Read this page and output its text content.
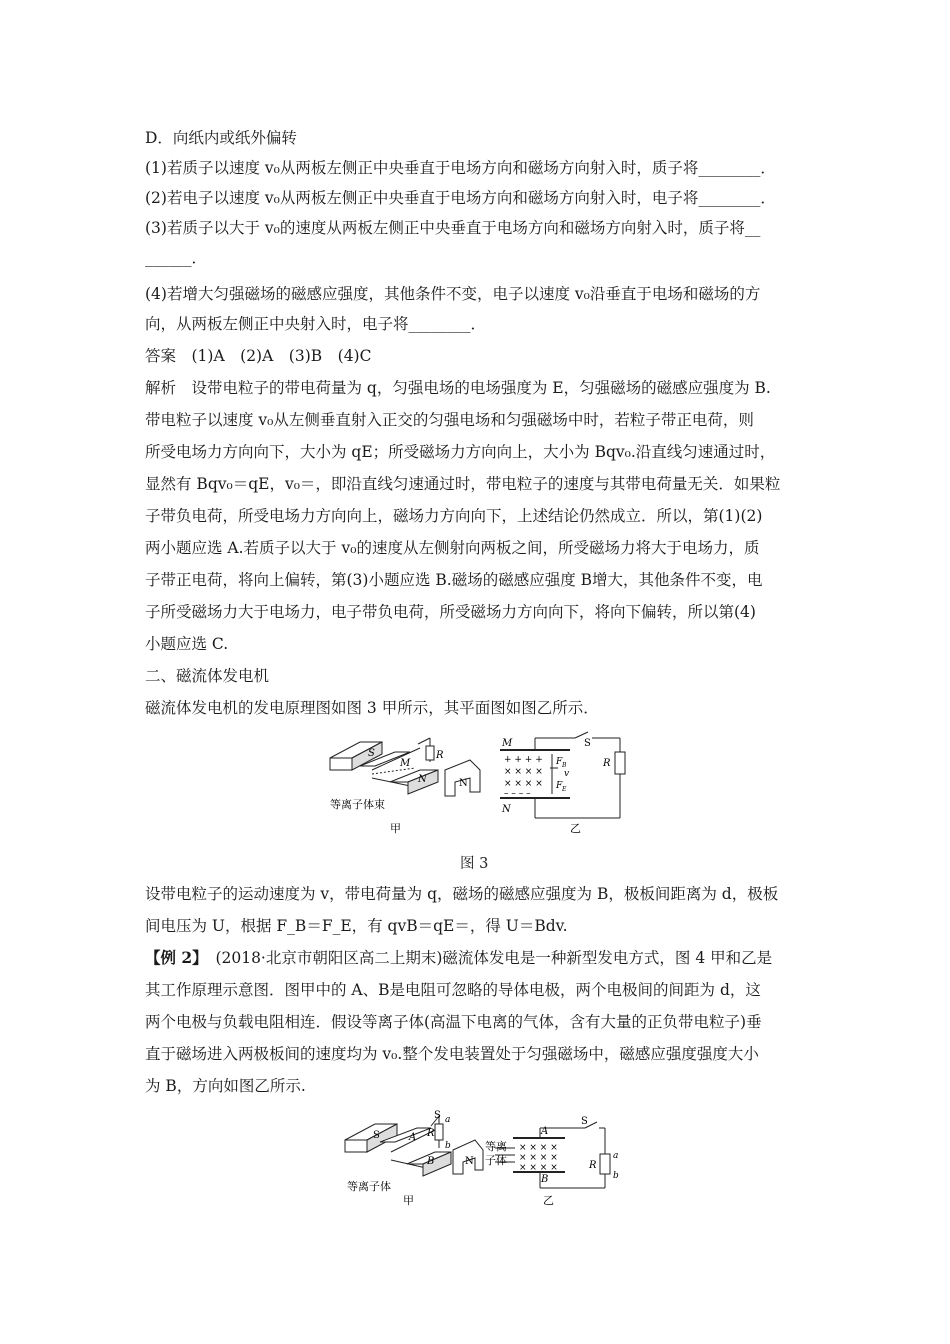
D．向纸内或纸外偏转
(1)若质子以速度 v₀从两板左侧正中央垂直于电场方向和磁场方向射入时，质子将________．
(2)若电子以速度 v₀从两板左侧正中央垂直于电场方向和磁场方向射入时，电子将________．
(3)若质子以大于 v₀的速度从两板左侧正中央垂直于电场方向和磁场方向射入时，质子将__
______．
(4)若增大匀强磁场的磁感应强度，其他条件不变，电子以速度 v₀沿垂直于电场和磁场的方
向，从两板左侧正中央射入时，电子将________．
答案　(1)A　(2)A　(3)B　(4)C
解析　设带电粒子的带电荷量为 q，匀强电场的电场强度为 E，匀强磁场的磁感应强度为 B.
带电粒子以速度 v₀从左侧垂直射入正交的匀强电场和匀强磁场中时，若粒子带正电荷，则
所受电场力方向向下，大小为 qE；所受磁场力方向向上，大小为 Bqv₀.沿直线匀速通过时，
显然有 Bqv₀＝qE，v₀＝，即沿直线匀速通过时，带电粒子的速度与其带电荷量无关．如果粒
子带负电荷，所受电场力方向向上，磁场力方向向下，上述结论仍然成立．所以，第(1)(2)
两小题应选 A.若质子以大于 v₀的速度从左侧射向两板之间，所受磁场力将大于电场力，质
子带正电荷，将向上偏转，第(3)小题应选 B.磁场的磁感应强度 B增大，其他条件不变，电
子所受磁场力大于电场力，电子带负电荷，所受磁场力方向向下，将向下偏转，所以第(4)
小题应选 C.
二、磁流体发电机
磁流体发电机的发电原理图如图 3 甲所示，其平面图如图乙所示．
S
M
N	N
R
等离子体束
甲
M
N
S
R
+ + + +
× × × ×
× × × ×
– – – –
F B
v
F E
乙
图 3
设带电粒子的运动速度为 v，带电荷量为 q，磁场的磁感应强度为 B，极板间距离为 d，极板
间电压为 U，根据 F_B＝F_E，有 qvB＝qE＝，得 U＝Bdv.
【例 2】　(2018·北京市朝阳区高二上期末)磁流体发电是一种新型发电方式，图 4 甲和乙是
其工作原理示意图．图甲中的 A、B是电阻可忽略的导体电极，两个电极间的间距为 d，这
两个电极与负载电阻相连．假设等离子体(高温下电离的气体，含有大量的正负带电粒子)垂
直于磁场进入两极板间的速度均为 v₀.整个发电装置处于匀强磁场中，磁感应强度强度大小
为 B，方向如图乙所示.
S	A
B	N
R
S a
b
等离子体
甲
A
B
S
R
a
b
× × × ×
× × × ×
× × × ×
等离
子体
乙
